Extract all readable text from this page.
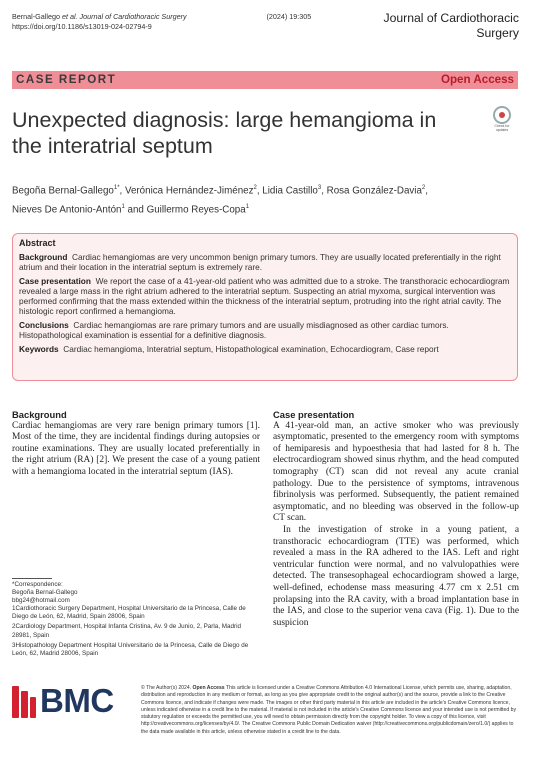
Bernal-Gallego et al. Journal of Cardiothoracic Surgery	(2024) 19:305
https://doi.org/10.1186/s13019-024-02794-9
Journal of Cardiothoracic Surgery
CASE REPORT	Open Access
Unexpected diagnosis: large hemangioma in the interatrial septum
Check for updates
Begoña Bernal-Gallego$^{1*}$, Verónica Hernández-Jiménez$^2$, Lidia Castillo$^3$, Rosa González-Davia$^2$,
Nieves De Antonio-Antón$^1$ and Guillermo Reyes-Copa$^1$
Abstract

Background Cardiac hemangiomas are very uncommon benign primary tumors. They are usually located preferentially in the right atrium and their location in the interatrial septum is extremely rare.

Case presentation We report the case of a 41-year-old patient who was admitted due to a stroke. The transthoracic echocardiogram revealed a large mass in the right atrium adhered to the interatrial septum. Suspecting an atrial myxoma, surgical intervention was performed confirming that the mass extended within the thickness of the interatrial septum, protruding into the right atrial cavity. The histologic report confirmed a hemangioma.

Conclusions Cardiac hemangiomas are rare primary tumors and are usually misdiagnosed as other cardiac tumors. Histopathological examination is essential for a definitive diagnosis.

Keywords Cardiac hemangioma, Interatrial septum, Histopathological examination, Echocardiogram, Case report

Background

Cardiac hemangiomas are very rare benign primary tumors [1]. Most of the time, they are incidental findings during autopsies or routine examinations. They are usually located preferentially in the right atrium (RA) [2]. We present the case of a young patient with a hemangioma located in the interatrial septum (IAS).

Case presentation

A 41-year-old man, an active smoker who was previously asymptomatic, presented to the emergency room with symptoms of hemiparesis and hypoesthesia that had lasted for 8 h. The electrocardiogram showed sinus rhythm, and the head computed tomography (CT) scan did not reveal any acute cranial pathology. Due to the persistence of symptoms, intravenous fibrinolysis was performed. Subsequently, the patient remained asymptomatic, and no bleeding was observed in the follow-up CT scan.

In the investigation of stroke in a young patient, a transthoracic echocardiogram (TTE) was performed, which revealed a mass in the RA adhered to the IAS. Left and right ventricular function were normal, and no valvulopathies were detected. The transesophageal echocardiogram showed a large, well-defined, echodense mass measuring 4.77 cm x 2.51 cm prolapsing into the RA cavity, with a broad implantation base in the IAS, and close to the superior vena cava (Fig. 1). Due to the suspicion

*Correspondence:
Begoña Bernal-Gallego
bbg24@hotmail.com
1Cardiothoracic Surgery Department, Hospital Universitario de la Princesa, Calle de Diego de León, 62, Madrid, Spain 28006, Spain
2Cardiology Department, Hospital Infanta Cristina, Av. 9 de Junio, 2, Parla, Madrid 28981, Spain
3Histopathology Department Hospital Universitario de la Princesa, Calle de Diego de León, 62, Madrid 28006, Spain
BMC	© The Author(s) 2024. Open Access This article is licensed under a Creative Commons Attribution 4.0 International License, which permits use, sharing, adaptation, distribution and reproduction in any medium or format, as long as you give appropriate credit to the original author(s) and the source, provide a link to the Creative Commons licence, and indicate if changes were made. The images or other third party material in this article are included in the article's Creative Commons licence, unless indicated otherwise in a credit line to the material. If material is not included in the article's Creative Commons licence and your intended use is not permitted by statutory regulation or exceeds the permitted use, you will need to obtain permission directly from the copyright holder. To view a copy of this licence, visit http://creativecommons.org/licenses/by/4.0/. The Creative Commons Public Domain Dedication waiver (http://creativecommons.org/publicdomain/zero/1.0/) applies to the data made available in this article, unless otherwise stated in a credit line to the data.
